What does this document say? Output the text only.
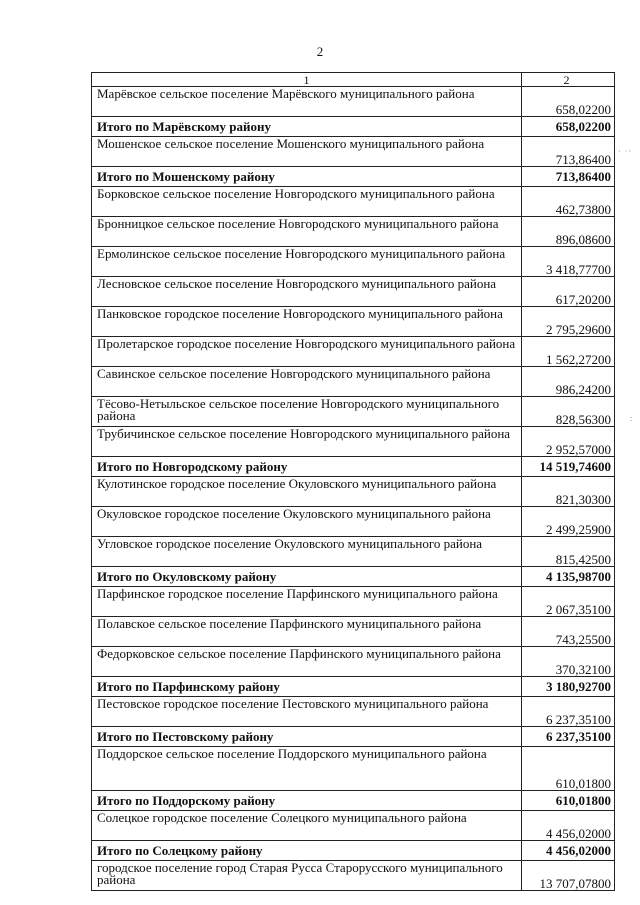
2
· ··
:
1	2
Марёвское сельское поселение Марёвского муниципального района	658,02200
Итого по Марёвскому району	658,02200
Мошенское сельское поселение Мошенского муниципального района	713,86400
Итого по Мошенскому району	713,86400
Борковское сельское поселение Новгородского муниципального района	462,73800
Бронницкое сельское поселение Новгородского муниципального района	896,08600
Ермолинское сельское поселение Новгородского муниципального района	3 418,77700
Лесновское сельское поселение Новгородского муниципального района	617,20200
Панковское городское поселение Новгородского муниципального района	2 795,29600
Пролетарское городское поселение Новгородского муниципального района	1 562,27200
Савинское сельское поселение Новгородского муниципального района	986,24200
Тёсово-Нетыльское сельское поселение Новгородского муниципального района	828,56300
Трубичинское сельское поселение Новгородского муниципального района	2 952,57000
Итого по Новгородскому району	14 519,74600
Кулотинское городское поселение Окуловского муниципального района	821,30300
Окуловское городское поселение Окуловского муниципального района	2 499,25900
Угловское городское поселение Окуловского муниципального района	815,42500
Итого по Окуловскому району	4 135,98700
Парфинское городское поселение Парфинского муниципального района	2 067,35100
Полавское сельское поселение Парфинского муниципального района	743,25500
Федорковское сельское поселение Парфинского муниципального района	370,32100
Итого по Парфинскому району	3 180,92700
Пестовское городское поселение Пестовского муниципального района	6 237,35100
Итого по Пестовскому району	6 237,35100
Поддорское сельское поселение Поддорского муниципального района	610,01800
Итого по Поддорскому району	610,01800
Солецкое городское поселение Солецкого муниципального района	4 456,02000
Итого по Солецкому району	4 456,02000
городское поселение город Старая Русса Старорусского муниципального района	13 707,07800
